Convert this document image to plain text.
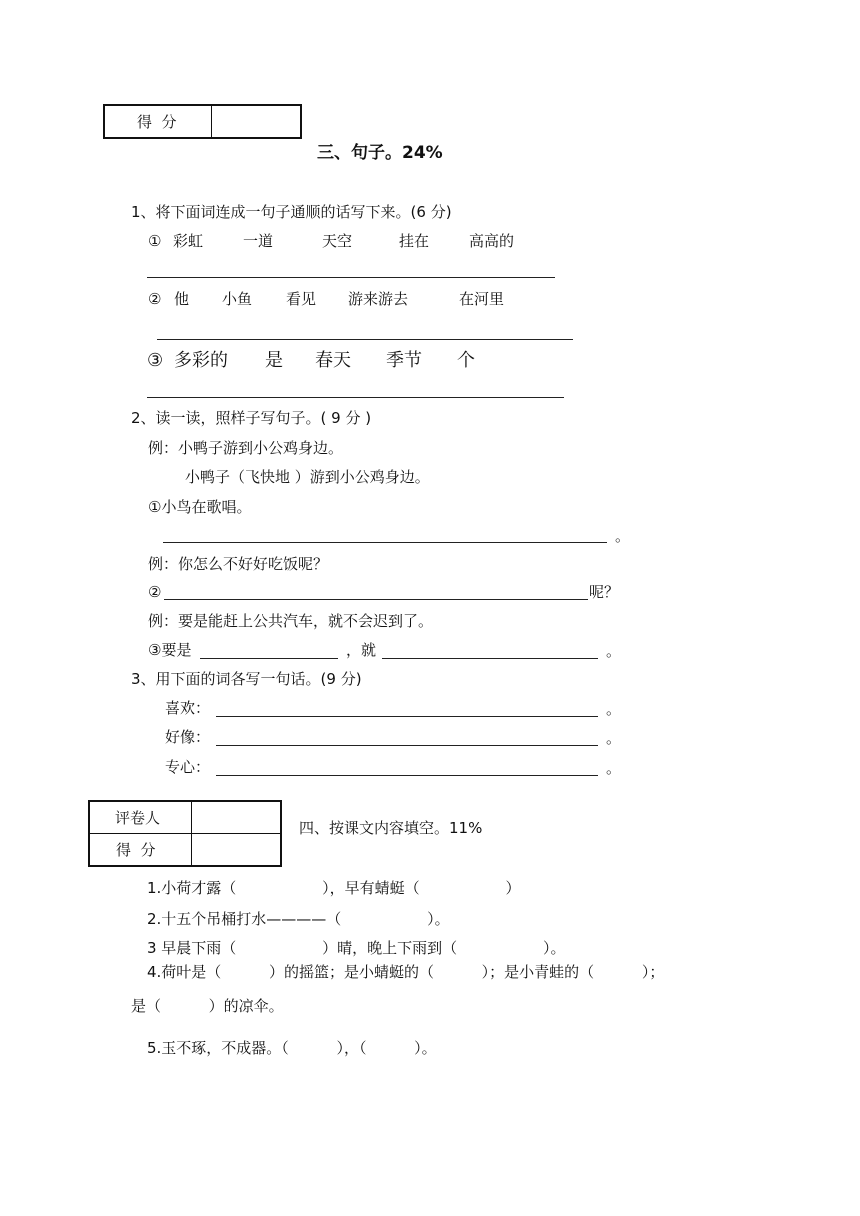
得  分
三、句子。24%
1、将下面词连成一句子通顺的话写下来。(6 分)
① 彩虹	一道	天空	挂在	高高的
② 他 小鱼 看见 游来游去	在河里
③ 多彩的 是 春天 季节 个
2、读一读，照样子写句子。( 9 分 )
例：小鸭子游到小公鸡身边。
小鸭子（飞快地 ）游到小公鸡身边。
①小鸟在歌唱。
。
例：你怎么不好好吃饭呢？
②	呢？
例：要是能赶上公共汽车，就不会迟到了。
③要是	，就	。
3、用下面的词各写一句话。(9 分)
喜欢：	。
好像：	。
专心：	。
评卷人
得  分
四、按课文内容填空。11%
1.小荷才露（                  ），早有蜻蜓（                  ）
2.十五个吊桶打水————（                  ）。
3 早晨下雨（                  ）晴，晚上下雨到（                  ）。
4.荷叶是（          ）的摇篮；是小蜻蜓的（          ）；是小青蛙的（          ）；
是（          ）的凉伞。
5.玉不琢，不成器。（          ），（          ）。
